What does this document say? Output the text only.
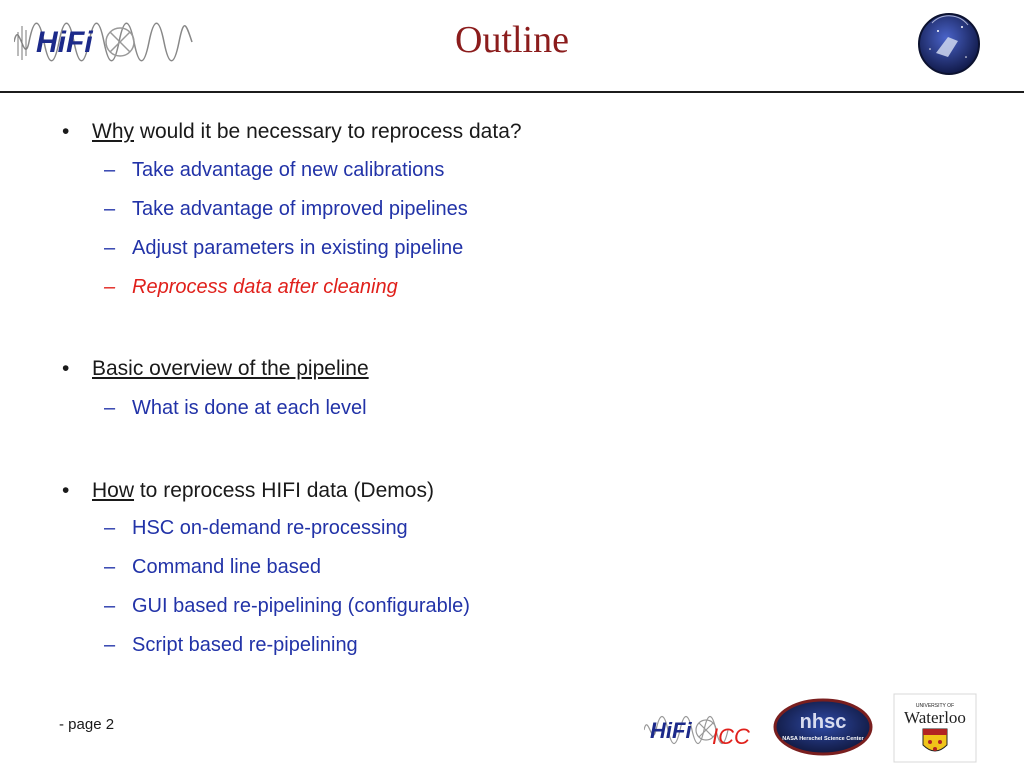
HiFi	Outline
• Why would it be necessary to reprocess data?
– Take advantage of new calibrations
– Take advantage of improved pipelines
– Adjust parameters in existing pipeline
– Reprocess data after cleaning
• Basic overview of the pipeline
– What is done at each level
• How to reprocess HIFI data (Demos)
– HSC on-demand re-processing
– Command line based
– GUI based re-pipelining (configurable)
– Script based re-pipelining
- page 2	HiFi ICC
nhsc
NASA Herschel Science Center
UNIVERSITY OF
Waterloo
